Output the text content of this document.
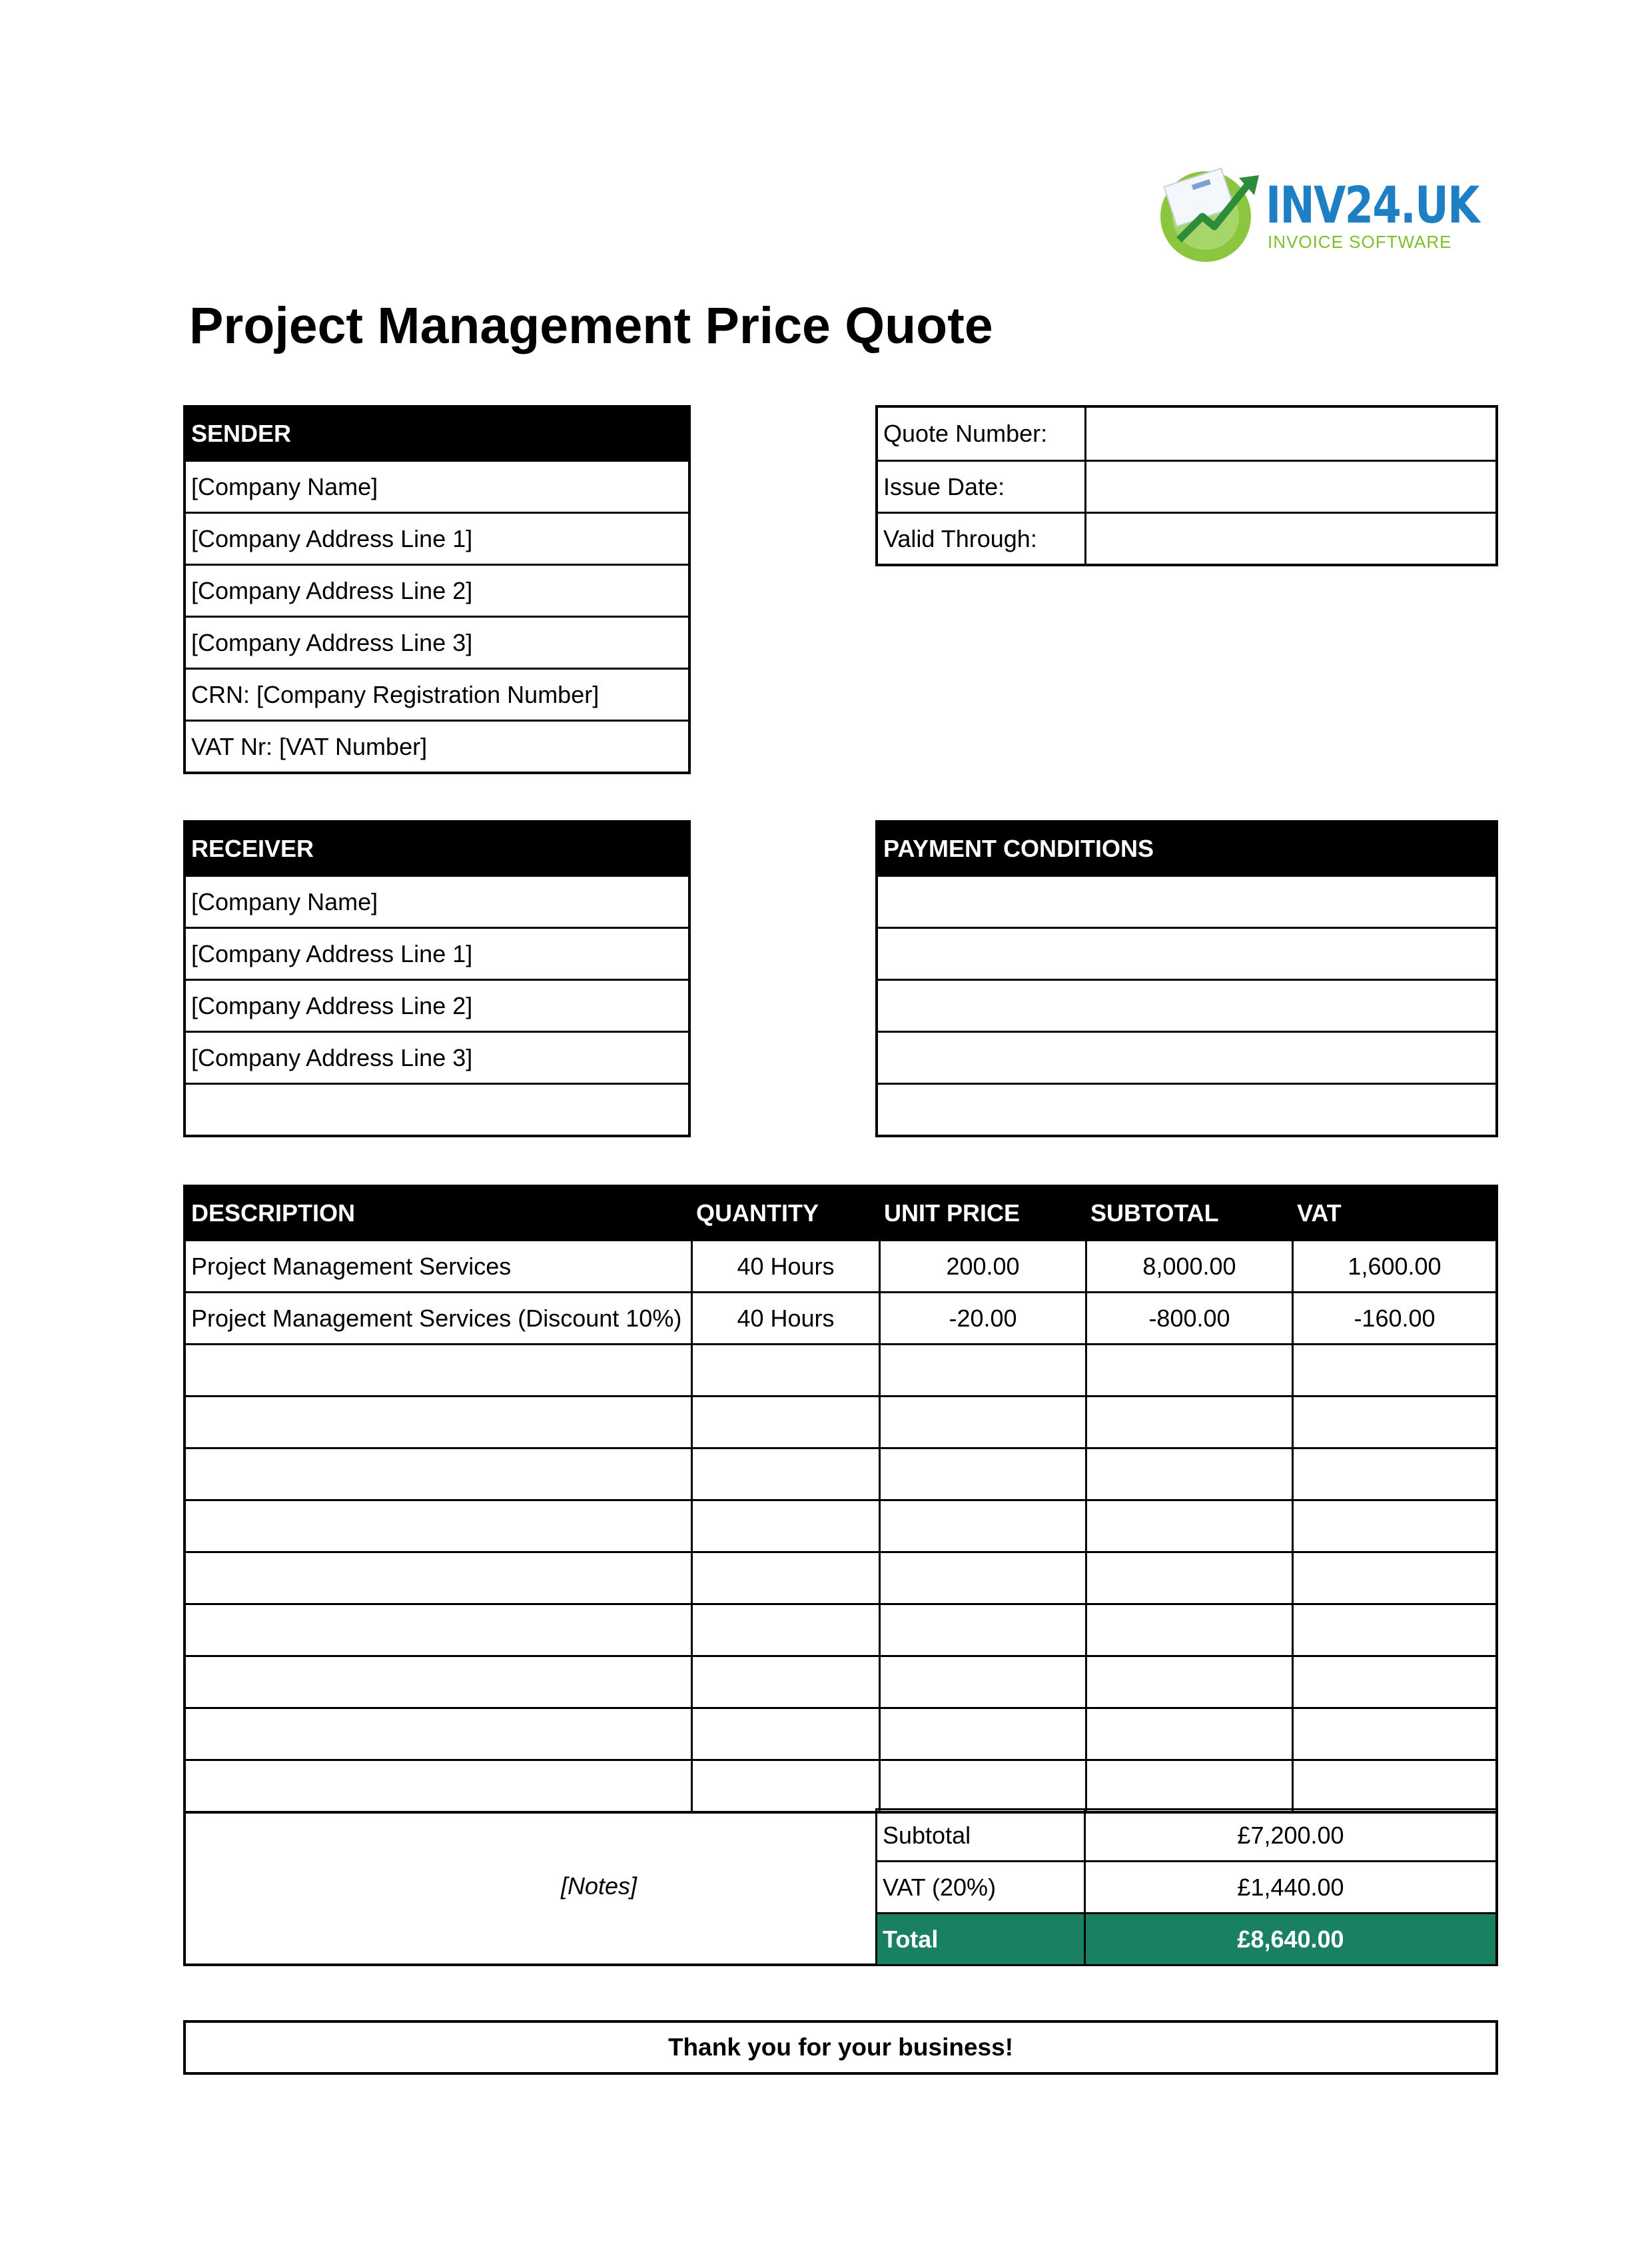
INV24.UK
INVOICE SOFTWARE
Project Management Price Quote
SENDER
[Company Name]
[Company Address Line 1]
[Company Address Line 2]
[Company Address Line 3]
CRN: [Company Registration Number]
VAT Nr: [VAT Number]
Quote Number:
Issue Date:
Valid Through:
RECEIVER
[Company Name]
[Company Address Line 1]
[Company Address Line 2]
[Company Address Line 3]
PAYMENT CONDITIONS
DESCRIPTION	QUANTITY	UNIT PRICE	SUBTOTAL	VAT
Project Management Services	40 Hours	200.00	8,000.00	1,600.00
Project Management Services (Discount 10%)	40 Hours	-20.00	-800.00	-160.00
[Notes]
Subtotal	£7,200.00
VAT (20%)	£1,440.00
Total	£8,640.00
Thank you for your business!
